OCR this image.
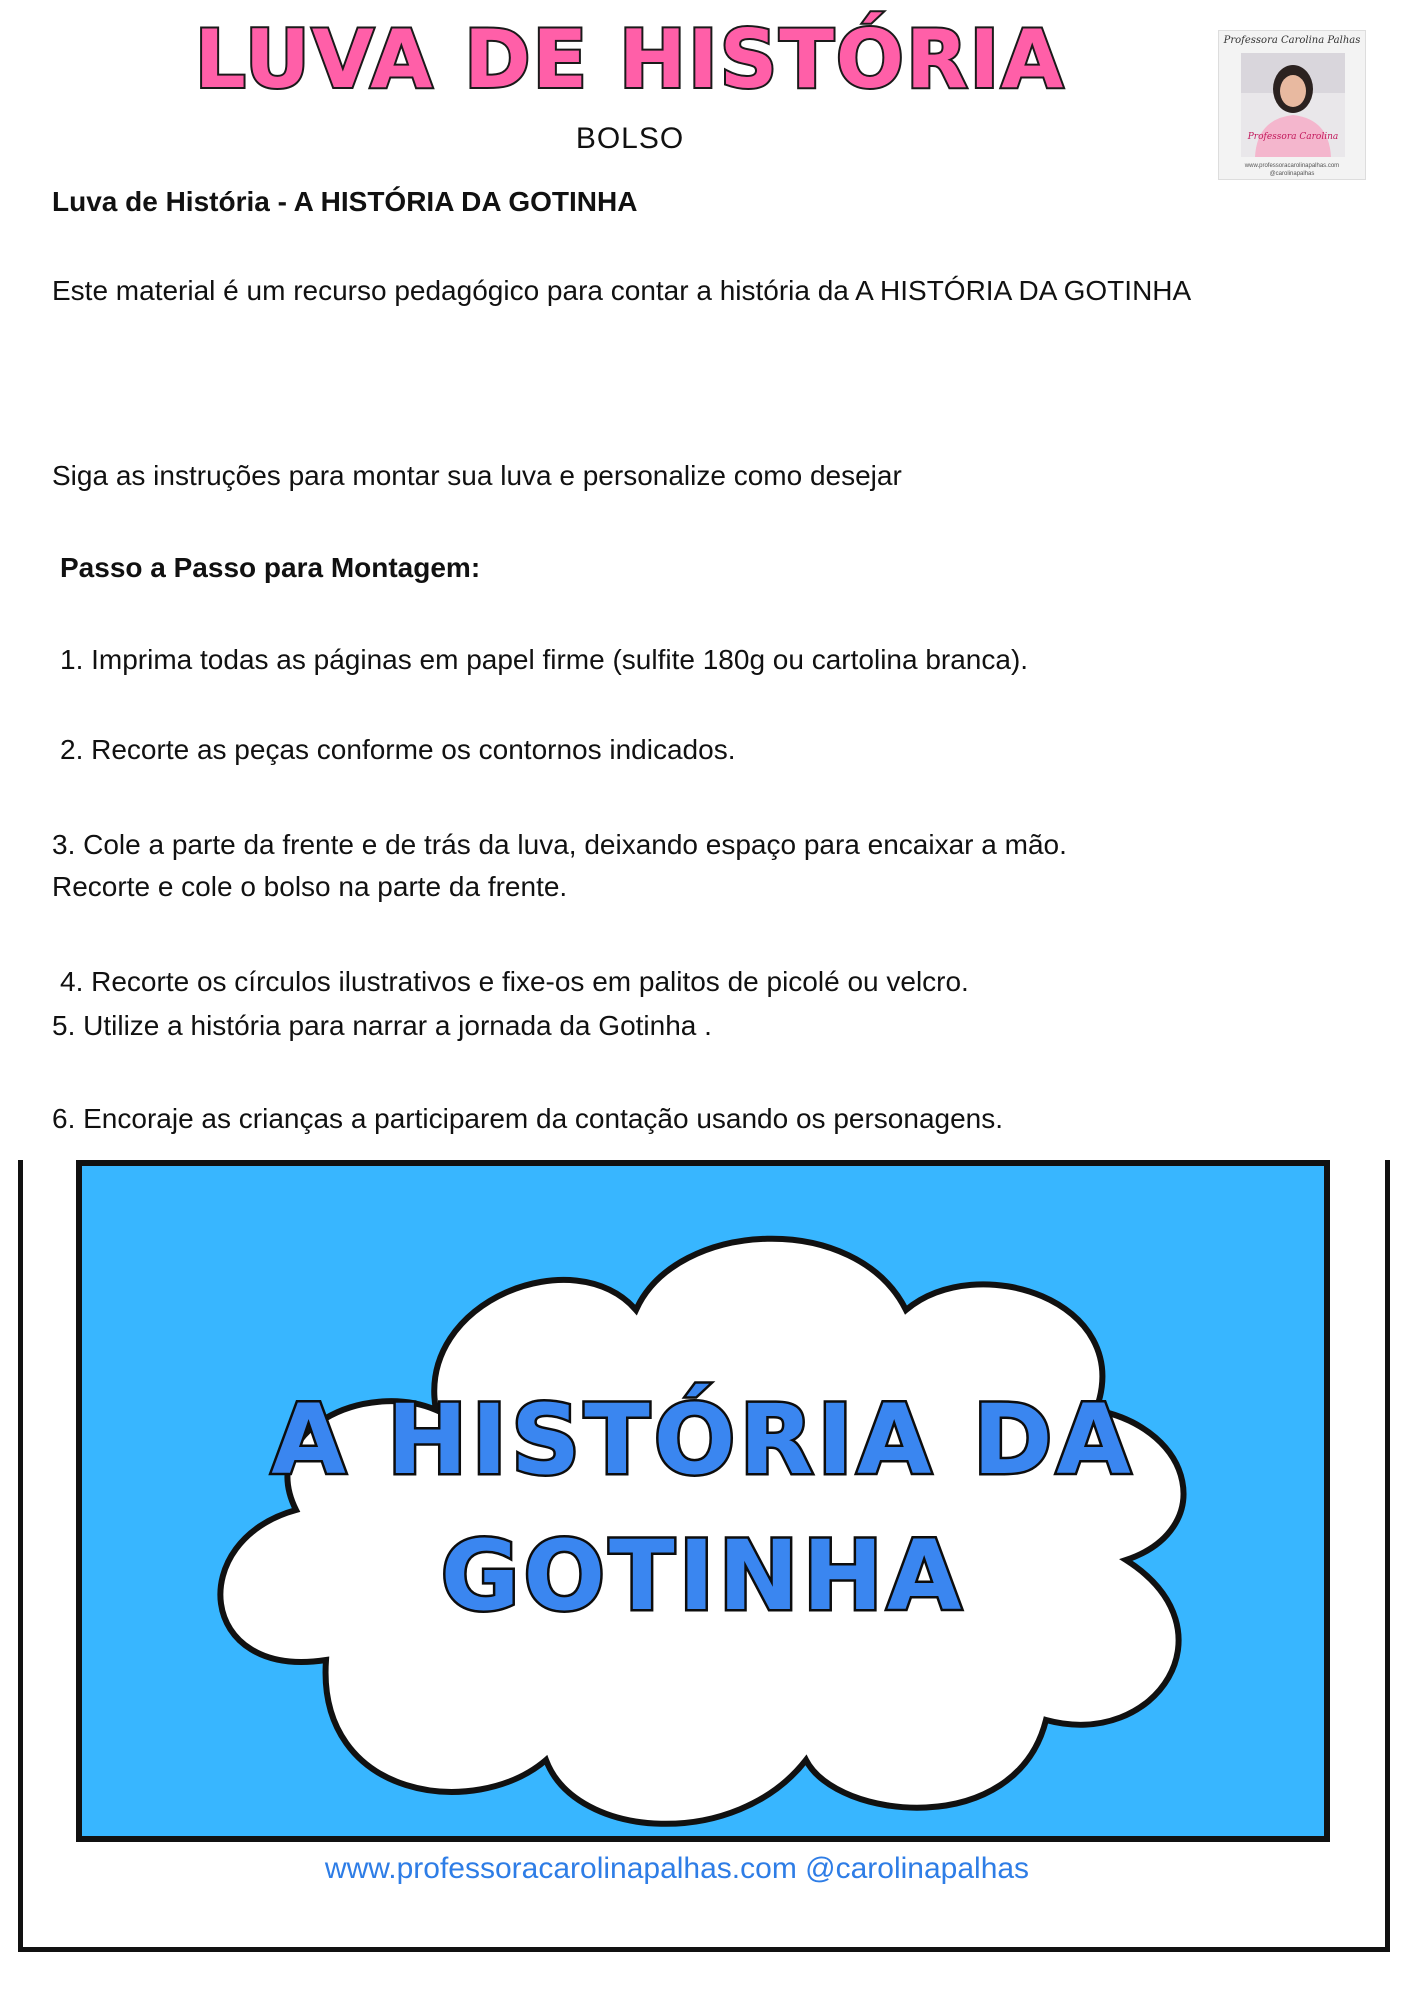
LUVA DE HISTÓRIA
BOLSO
Professora Carolina Palhas
Professora Carolina
www.professoracarolinapalhas.com
@carolinapalhas
Luva de História - A HISTÓRIA DA GOTINHA
Este material é um recurso pedagógico para contar a história da A HISTÓRIA DA GOTINHA
Siga as instruções para montar sua luva e personalize como desejar
Passo a Passo para Montagem:
1. Imprima todas as páginas em papel firme (sulfite 180g ou cartolina branca).
2. Recorte as peças conforme os contornos indicados.
3. Cole a parte da frente e de trás da luva, deixando espaço para encaixar a mão.
Recorte e cole o bolso na parte da frente.
4. Recorte os círculos ilustrativos e fixe-os em palitos de picolé ou velcro.
5. Utilize a história para narrar a jornada da Gotinha .
6. Encoraje as crianças a participarem da contação usando os personagens.
A HISTÓRIA DA
GOTINHA
www.professoracarolinapalhas.com @carolinapalhas
